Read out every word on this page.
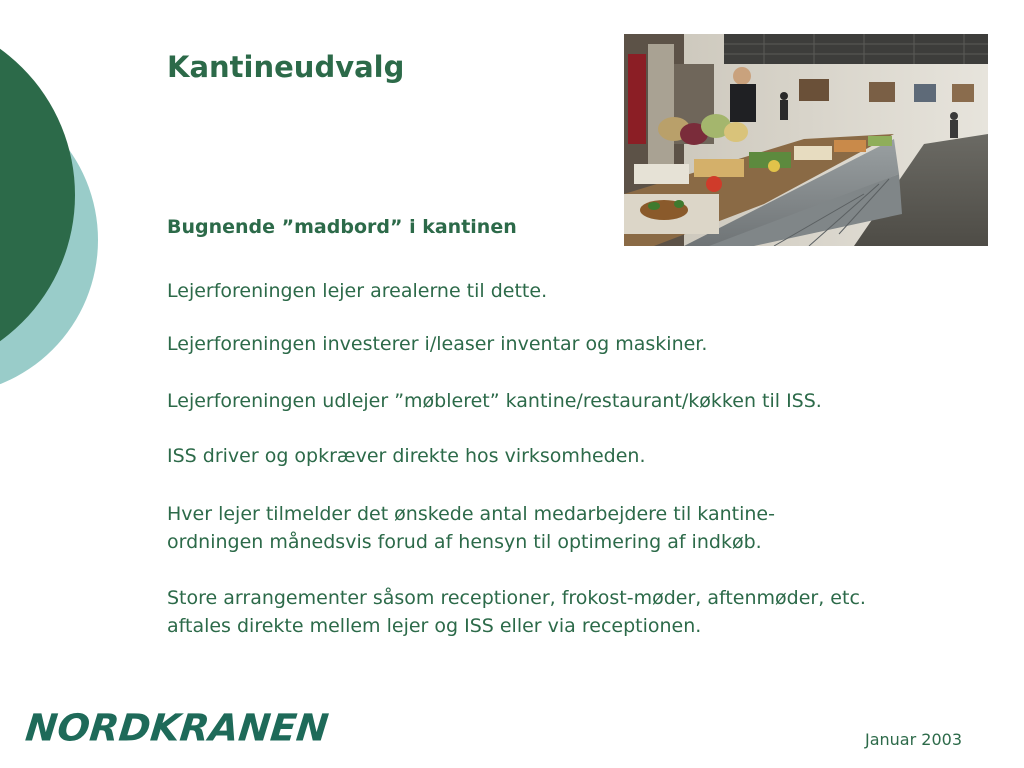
Kantineudvalg
Bugnende ”madbord” i kantinen
Lejerforeningen lejer arealerne til dette.
Lejerforeningen investerer i/leaser inventar og maskiner.
Lejerforeningen udlejer ”møbleret” kantine/restaurant/køkken til ISS.
ISS driver og opkræver direkte hos virksomheden.
Hver lejer tilmelder det ønskede antal medarbejdere til kantine-ordningen månedsvis forud af hensyn til optimering af indkøb.
Store arrangementer såsom receptioner, frokost-møder, aftenmøder, etc. aftales direkte mellem lejer og ISS eller via receptionen.
NORDKRANEN	Januar 2003
